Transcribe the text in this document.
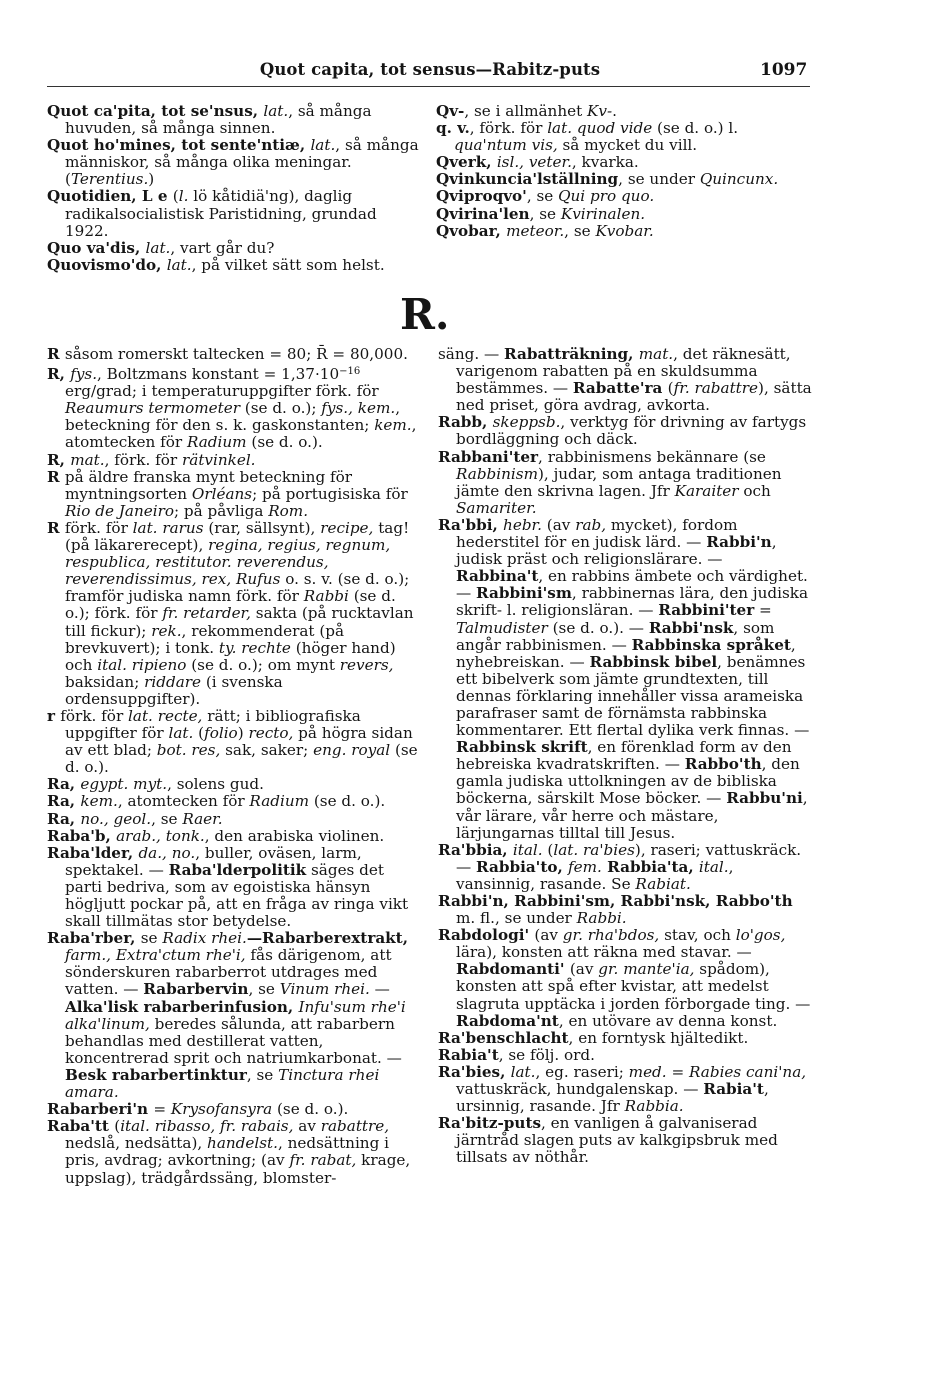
Quot capita, tot sensus—Rabitz-puts	1097

Quot ca'pita, tot se'nsus, lat., så många huvuden, så många sinnen.

Quot ho'mines, tot sente'ntiæ, lat., så många människor, så många olika meningar. (Terentius.)

Quotidien, L e (l. lö kåtidiä'ng), daglig radikalsocialistisk Paristidning, grundad 1922.

Quo va'dis, lat., vart går du?

Quovismo'do, lat., på vilket sätt som helst.

Qv-, se i allmänhet Kv-.

q. v., förk. för lat. quod vide (se d. o.) l. qua'ntum vis, så mycket du vill.

Qverk, isl., veter., kvarka.

Qvinkuncia'lställning, se under Quincunx.

Qviproqvo', se Qui pro quo.

Qvirina'len, se Kvirinalen.

Qvobar, meteor., se Kvobar.

R.

R såsom romerskt taltecken = 80; R̄ = 80,000.

R, fys., Boltzmans konstant = $1,37\cdot 10^{-16}$ erg/grad; i temperaturuppgifter förk. för Reaumurs termometer (se d. o.); fys., kem., beteckning för den s. k. gaskonstanten; kem., atomtecken för Radium (se d. o.).

R, mat., förk. för rätvinkel.

R på äldre franska mynt beteckning för myntningsorten Orléans; på portugisiska för Rio de Janeiro; på påvliga Rom.

R förk. för lat. rarus (rar, sällsynt), recipe, tag! (på läkarerecept), regina, regius, regnum, respublica, restitutor. reverendus, reverendissimus, rex, Rufus o. s. v. (se d. o.); framför judiska namn förk. för Rabbi (se d. o.); förk. för fr. retarder, sakta (på rucktavlan till fickur); rek., rekommenderat (på brevkuvert); i tonk. ty. rechte (höger hand) och ital. ripieno (se d. o.); om mynt revers, baksidan; riddare (i svenska ordensuppgifter).

r förk. för lat. recte, rätt; i bibliografiska uppgifter för lat. (folio) recto, på högra sidan av ett blad; bot. res, sak, saker; eng. royal (se d. o.).

Ra, egypt. myt., solens gud.

Ra, kem., atomtecken för Radium (se d. o.).

Ra, no., geol., se Raer.

Raba'b, arab., tonk., den arabiska violinen.

Raba'lder, da., no., buller, oväsen, larm, spektakel. — Raba'lderpolitik säges det parti bedriva, som av egoistiska hänsyn högljutt pockar på, att en fråga av ringa vikt skall tillmätas stor betydelse.

Raba'rber, se Radix rhei.—Rabarberextrakt, farm., Extra'ctum rhe'i, fås därigenom, att sönderskuren rabarberrot utdrages med vatten. — Rabarbervin, se Vinum rhei. — Alka'lisk rabarberinfusion, Infu'sum rhe'i alka'linum, beredes sålunda, att rabarbern behandlas med destillerat vatten, koncentrerad sprit och natriumkarbonat. — Besk rabarbertinktur, se Tinctura rhei amara.

Rabarberi'n = Krysofansyra (se d. o.).

Raba'tt (ital. ribasso, fr. rabais, av rabattre, nedslå, nedsätta), handelst., nedsättning i pris, avdrag; avkortning; (av fr. rabat, krage, uppslag), trädgårdssäng, blomster-

säng. — Rabatträkning, mat., det räknesätt, varigenom rabatten på en skuldsumma bestämmes. — Rabatte'ra (fr. rabattre), sätta ned priset, göra avdrag, avkorta.

Rabb, skeppsb., verktyg för drivning av fartygs bordläggning och däck.

Rabbani'ter, rabbinismens bekännare (se Rabbinism), judar, som antaga traditionen jämte den skrivna lagen. Jfr Karaiter och Samariter.

Ra'bbi, hebr. (av rab, mycket), fordom hederstitel för en judisk lärd. — Rabbi'n, judisk präst och religionslärare. — Rabbina't, en rabbins ämbete och värdighet. — Rabbini'sm, rabbinernas lära, den judiska skrift- l. religionsläran. — Rabbini'ter = Talmudister (se d. o.). — Rabbi'nsk, som angår rabbinismen. — Rabbinska språket, nyhebreiskan. — Rabbinsk bibel, benämnes ett bibelverk som jämte grundtexten, till dennas förklaring innehåller vissa arameiska parafraser samt de förnämsta rabbinska kommentarer. Ett flertal dylika verk finnas. — Rabbinsk skrift, en förenklad form av den hebreiska kvadratskriften. — Rabbo'th, den gamla judiska uttolkningen av de bibliska böckerna, särskilt Mose böcker. — Rabbu'ni, vår lärare, vår herre och mästare, lärjungarnas tilltal till Jesus.

Ra'bbia, ital. (lat. ra'bies), raseri; vattuskräck. — Rabbia'to, fem. Rabbia'ta, ital., vansinnig, rasande. Se Rabiat.

Rabbi'n, Rabbini'sm, Rabbi'nsk, Rabbo'th m. fl., se under Rabbi.

Rabdologi' (av gr. rha'bdos, stav, och lo'gos, lära), konsten att räkna med stavar. — Rabdomanti' (av gr. mante'ia, spådom), konsten att spå efter kvistar, att medelst slagruta upptäcka i jorden förborgade ting. — Rabdoma'nt, en utövare av denna konst.

Ra'benschlacht, en forntysk hjältedikt.

Rabia't, se följ. ord.

Ra'bies, lat., eg. raseri; med. = Rabies cani'na, vattuskräck, hundgalenskap. — Rabia't, ursinnig, rasande. Jfr Rabbia.

Ra'bitz-puts, en vanligen å galvaniserad järntråd slagen puts av kalkgipsbruk med tillsats av nöthår.
